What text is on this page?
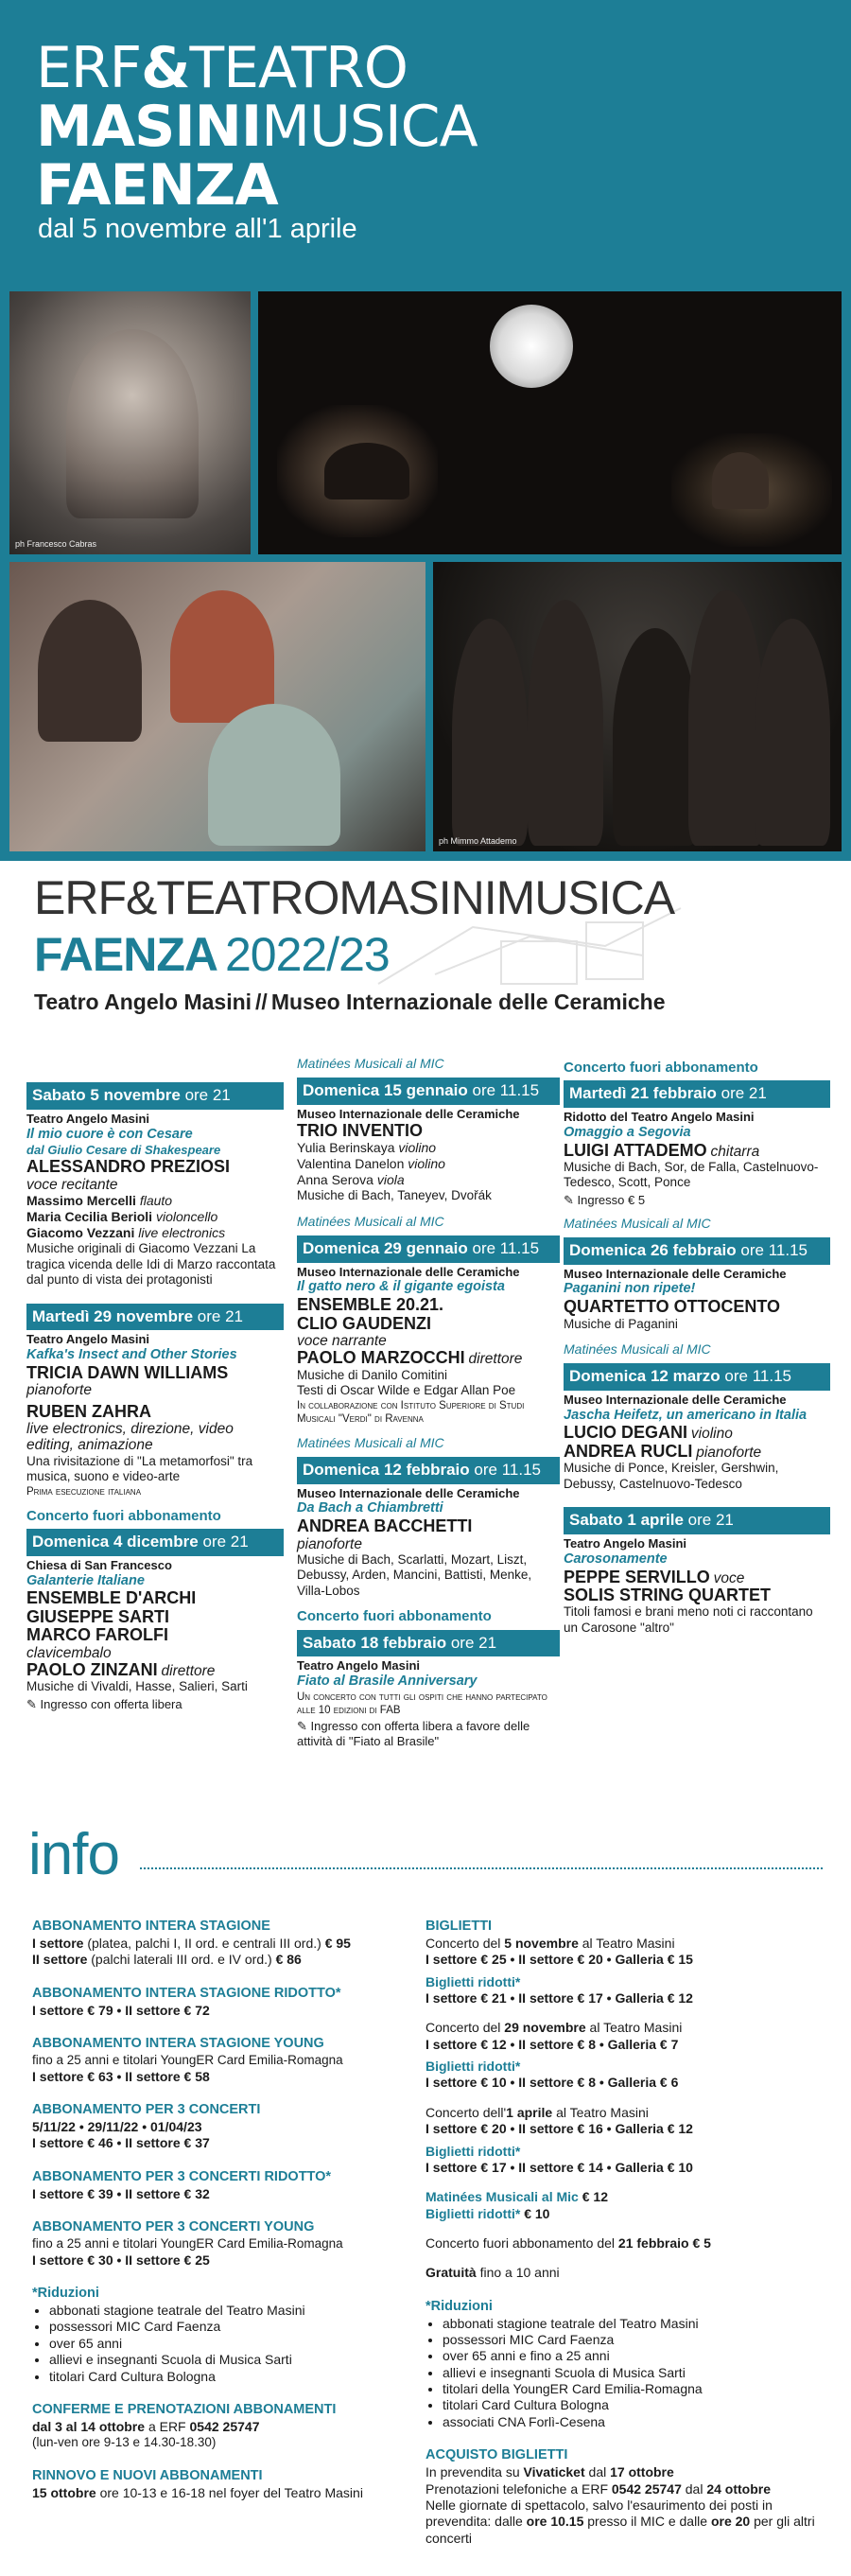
ERF&TEATRO
MASINIMUSICA
FAENZA
dal 5 novembre all'1 aprile
ph Francesco Cabras
ph Mimmo Attademo
ERF&TEATROMASINIMUSICA
FAENZA 2022/23
Teatro Angelo Masini // Museo Internazionale delle Ceramiche
Sabato 5 novembre ore 21
Teatro Angelo Masini
Il mio cuore è con Cesare
dal Giulio Cesare di Shakespeare
ALESSANDRO PREZIOSI
voce recitante
Massimo Mercelli flauto
Maria Cecilia Berioli violoncello
Giacomo Vezzani live electronics
Musiche originali di Giacomo Vezzani La tragica vicenda delle Idi di Marzo raccontata dal punto di vista dei protagonisti
Martedì 29 novembre ore 21
Teatro Angelo Masini
Kafka's Insect and Other Stories
TRICIA DAWN WILLIAMS
pianoforte
RUBEN ZAHRA
live electronics, direzione, video editing, animazione
Una rivisitazione di "La metamorfosi" tra musica, suono e video-arte
Prima esecuzione italiana
Concerto fuori abbonamento
Domenica 4 dicembre ore 21
Chiesa di San Francesco
Galanterie Italiane
ENSEMBLE D'ARCHI
GIUSEPPE SARTI
MARCO FAROLFI
clavicembalo
PAOLO ZINZANI direttore
Musiche di Vivaldi, Hasse, Salieri, Sarti
✎ Ingresso con offerta libera
Matinées Musicali al MIC
Domenica 15 gennaio ore 11.15
Museo Internazionale delle Ceramiche
TRIO INVENTIO
Yulia Berinskaya violino
Valentina Danelon violino
Anna Serova viola
Musiche di Bach, Taneyev, Dvořák
Matinées Musicali al MIC
Domenica 29 gennaio ore 11.15
Museo Internazionale delle Ceramiche
Il gatto nero & il gigante egoista
ENSEMBLE 20.21.
CLIO GAUDENZI
voce narrante
PAOLO MARZOCCHI direttore
Musiche di Danilo Comitini
Testi di Oscar Wilde e Edgar Allan Poe
In collaborazione con Istituto Superiore di Studi Musicali "Verdi" di Ravenna
Matinées Musicali al MIC
Domenica 12 febbraio ore 11.15
Museo Internazionale delle Ceramiche
Da Bach a Chiambretti
ANDREA BACCHETTI
pianoforte
Musiche di Bach, Scarlatti, Mozart, Liszt, Debussy, Arden, Mancini, Battisti, Menke, Villa-Lobos
Concerto fuori abbonamento
Sabato 18 febbraio ore 21
Teatro Angelo Masini
Fiato al Brasile Anniversary
Un concerto con tutti gli ospiti che hanno partecipato alle 10 edizioni di FAB
✎ Ingresso con offerta libera a favore delle attività di "Fiato al Brasile"
Concerto fuori abbonamento
Martedì 21 febbraio ore 21
Ridotto del Teatro Angelo Masini
Omaggio a Segovia
LUIGI ATTADEMO chitarra
Musiche di Bach, Sor, de Falla, Castelnuovo-Tedesco, Scott, Ponce
✎ Ingresso € 5
Matinées Musicali al MIC
Domenica 26 febbraio ore 11.15
Museo Internazionale delle Ceramiche
Paganini non ripete!
QUARTETTO OTTOCENTO
Musiche di Paganini
Matinées Musicali al MIC
Domenica 12 marzo ore 11.15
Museo Internazionale delle Ceramiche
Jascha Heifetz, un americano in Italia
LUCIO DEGANI violino
ANDREA RUCLI pianoforte
Musiche di Ponce, Kreisler, Gershwin, Debussy, Castelnuovo-Tedesco
Sabato 1 aprile ore 21
Teatro Angelo Masini
Carosonamente
PEPPE SERVILLO voce
SOLIS STRING QUARTET
Titoli famosi e brani meno noti ci raccontano un Carosone "altro"
info
ABBONAMENTO INTERA STAGIONE
I settore (platea, palchi I, II ord. e centrali III ord.) € 95
II settore (palchi laterali III ord. e IV ord.) € 86
ABBONAMENTO INTERA STAGIONE RIDOTTO*
I settore € 79 • II settore € 72
ABBONAMENTO INTERA STAGIONE YOUNG
fino a 25 anni e titolari YoungER Card Emilia-Romagna
I settore € 63 • II settore € 58
ABBONAMENTO PER 3 CONCERTI
5/11/22 • 29/11/22 • 01/04/23
I settore € 46 • II settore € 37
ABBONAMENTO PER 3 CONCERTI RIDOTTO*
I settore € 39 • II settore € 32
ABBONAMENTO PER 3 CONCERTI YOUNG
fino a 25 anni e titolari YoungER Card Emilia-Romagna
I settore € 30 • II settore € 25
*Riduzioni
• abbonati stagione teatrale del Teatro Masini
• possessori MIC Card Faenza
• over 65 anni
• allievi e insegnanti Scuola di Musica Sarti
• titolari Card Cultura Bologna
CONFERME E PRENOTAZIONI ABBONAMENTI
dal 3 al 14 ottobre a ERF 0542 25747
(lun-ven ore 9-13 e 14.30-18.30)
RINNOVO E NUOVI ABBONAMENTI
15 ottobre ore 10-13 e 16-18 nel foyer del Teatro Masini
BIGLIETTI
Concerto del 5 novembre al Teatro Masini
I settore € 25 • II settore € 20 • Galleria € 15
Biglietti ridotti*
I settore € 21 • II settore € 17 • Galleria € 12
Concerto del 29 novembre al Teatro Masini
I settore € 12 • II settore € 8 • Galleria € 7
Biglietti ridotti*
I settore € 10 • II settore € 8 • Galleria € 6
Concerto dell'1 aprile al Teatro Masini
I settore € 20 • II settore € 16 • Galleria € 12
Biglietti ridotti*
I settore € 17 • II settore € 14 • Galleria € 10
Matinées Musicali al Mic € 12
Biglietti ridotti* € 10
Concerto fuori abbonamento del 21 febbraio € 5
Gratuità fino a 10 anni
*Riduzioni
• abbonati stagione teatrale del Teatro Masini
• possessori MIC Card Faenza
• over 65 anni e fino a 25 anni
• allievi e insegnanti Scuola di Musica Sarti
• titolari della YoungER Card Emilia-Romagna
• titolari Card Cultura Bologna
• associati CNA Forlì-Cesena
ACQUISTO BIGLIETTI
In prevendita su Vivaticket dal 17 ottobre
Prenotazioni telefoniche a ERF 0542 25747 dal 24 ottobre
Nelle giornate di spettacolo, salvo l'esaurimento dei posti in prevendita: dalle ore 10.15 presso il MIC e dalle ore 20 per gli altri concerti
